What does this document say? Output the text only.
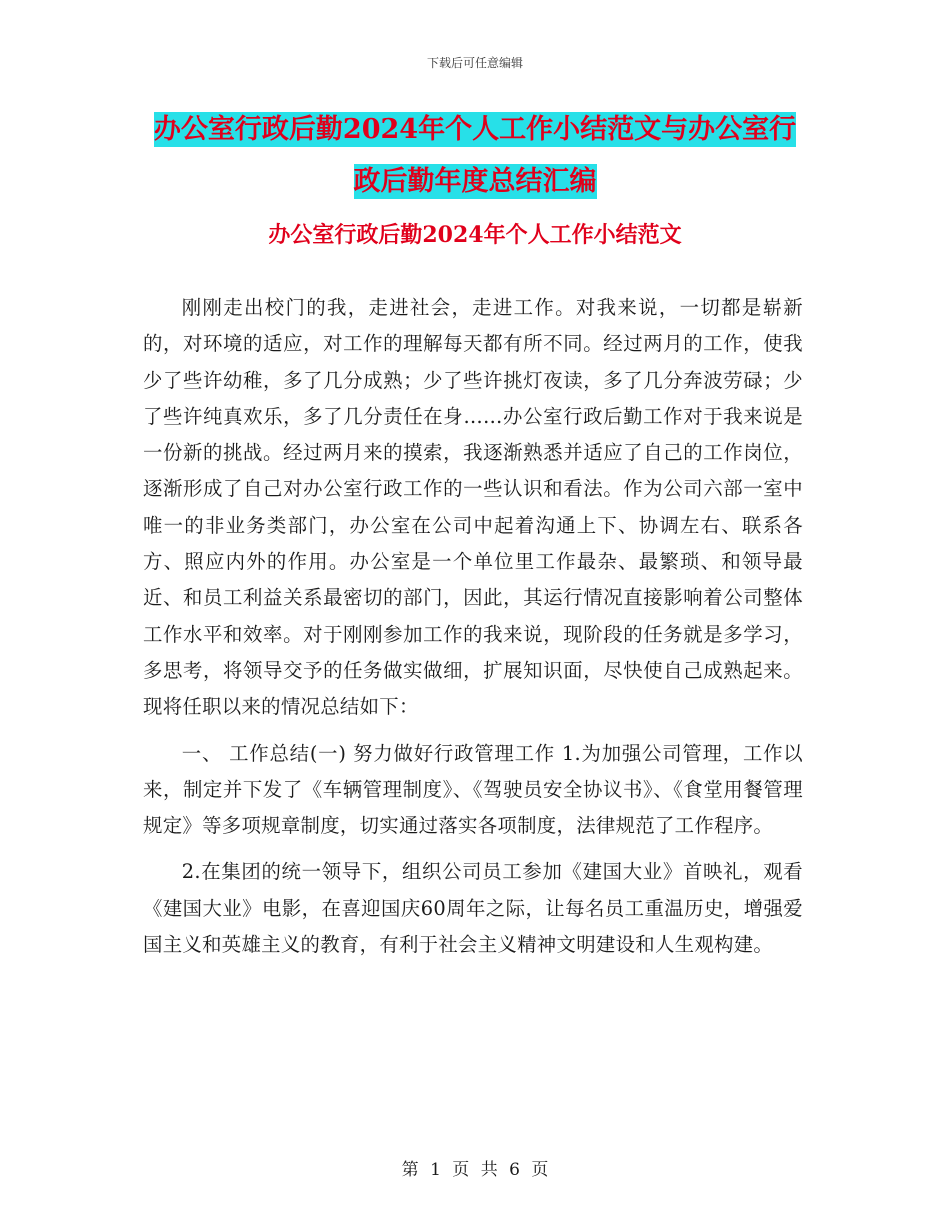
下载后可任意编辑
办公室行政后勤2024年个人工作小结范文与办公室行
政后勤年度总结汇编
办公室行政后勤2024年个人工作小结范文

刚刚走出校门的我，走进社会，走进工作。对我来说，一切都是崭新的，对环境的适应，对工作的理解每天都有所不同。经过两月的工作，使我少了些许幼稚，多了几分成熟；少了些许挑灯夜读，多了几分奔波劳碌；少了些许纯真欢乐，多了几分责任在身……办公室行政后勤工作对于我来说是一份新的挑战。经过两月来的摸索，我逐渐熟悉并适应了自己的工作岗位，逐渐形成了自己对办公室行政工作的一些认识和看法。作为公司六部一室中唯一的非业务类部门，办公室在公司中起着沟通上下、协调左右、联系各方、照应内外的作用。办公室是一个单位里工作最杂、最繁琐、和领导最近、和员工利益关系最密切的部门，因此，其运行情况直接影响着公司整体工作水平和效率。对于刚刚参加工作的我来说，现阶段的任务就是多学习，多思考，将领导交予的任务做实做细，扩展知识面，尽快使自己成熟起来。现将任职以来的情况总结如下：

一、 工作总结(一) 努力做好行政管理工作 1.为加强公司管理，工作以来，制定并下发了《车辆管理制度》、《驾驶员安全协议书》、《食堂用餐管理规定》等多项规章制度，切实通过落实各项制度，法律规范了工作程序。

2.在集团的统一领导下，组织公司员工参加《建国大业》首映礼，观看《建国大业》电影，在喜迎国庆60周年之际，让每名员工重温历史，增强爱国主义和英雄主义的教育，有利于社会主义精神文明建设和人生观构建。

第 1 页 共 6 页
